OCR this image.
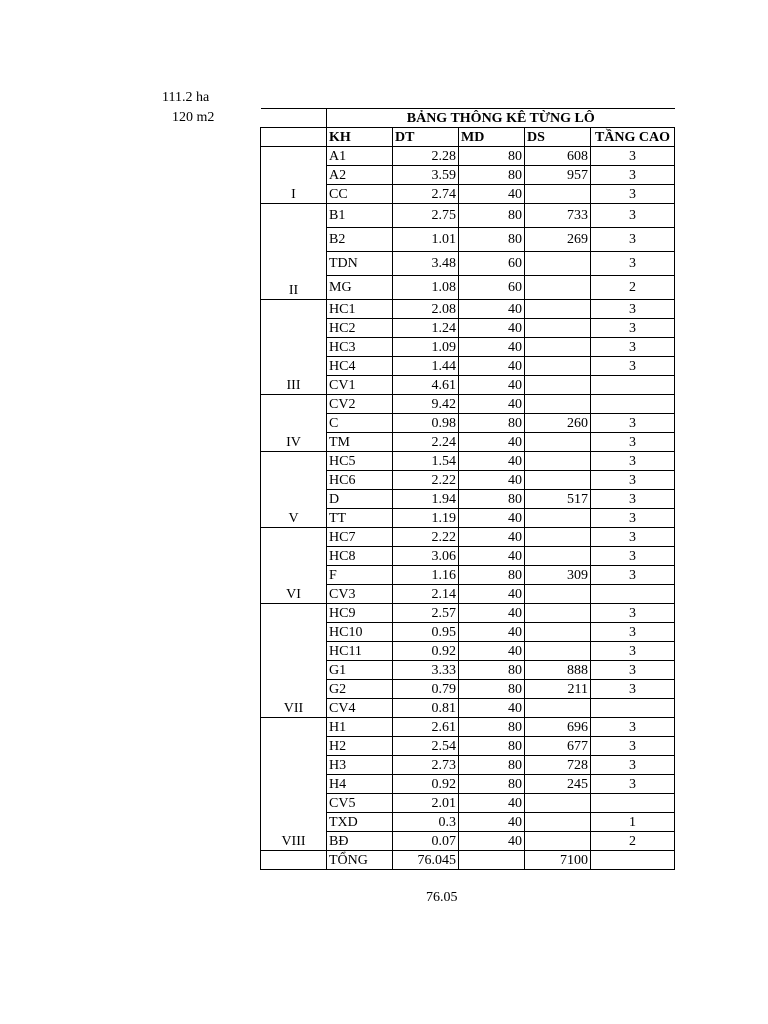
111.2 ha
120 m2
		BẢNG THÔNG KÊ TỪNG LÔ				
	KH	DT	MD	DS	TẦNG CAO
I	A1	2.28	80	608	3
	A2	3.59	80	957	3
	CC	2.74	40		3
II	B1	2.75	80	733	3
	B2	1.01	80	269	3
	TDN	3.48	60		3
	MG	1.08	60		2
III	HC1	2.08	40		3
	HC2	1.24	40		3
	HC3	1.09	40		3
	HC4	1.44	40		3
	CV1	4.61	40		
IV	CV2	9.42	40		
	C	0.98	80	260	3
	TM	2.24	40		3
V	HC5	1.54	40		3
	HC6	2.22	40		3
	D	1.94	80	517	3
	TT	1.19	40		3
VI	HC7	2.22	40		3
	HC8	3.06	40		3
	F	1.16	80	309	3
	CV3	2.14	40		
VII	HC9	2.57	40		3
	HC10	0.95	40		3
	HC11	0.92	40		3
	G1	3.33	80	888	3
	G2	0.79	80	211	3
	CV4	0.81	40		
VIII	H1	2.61	80	696	3
	H2	2.54	80	677	3
	H3	2.73	80	728	3
	H4	0.92	80	245	3
	CV5	2.01	40		
	TXD	0.3	40		1
	BĐ	0.07	40		2
	TỔNG	76.045		7100	
76.05
